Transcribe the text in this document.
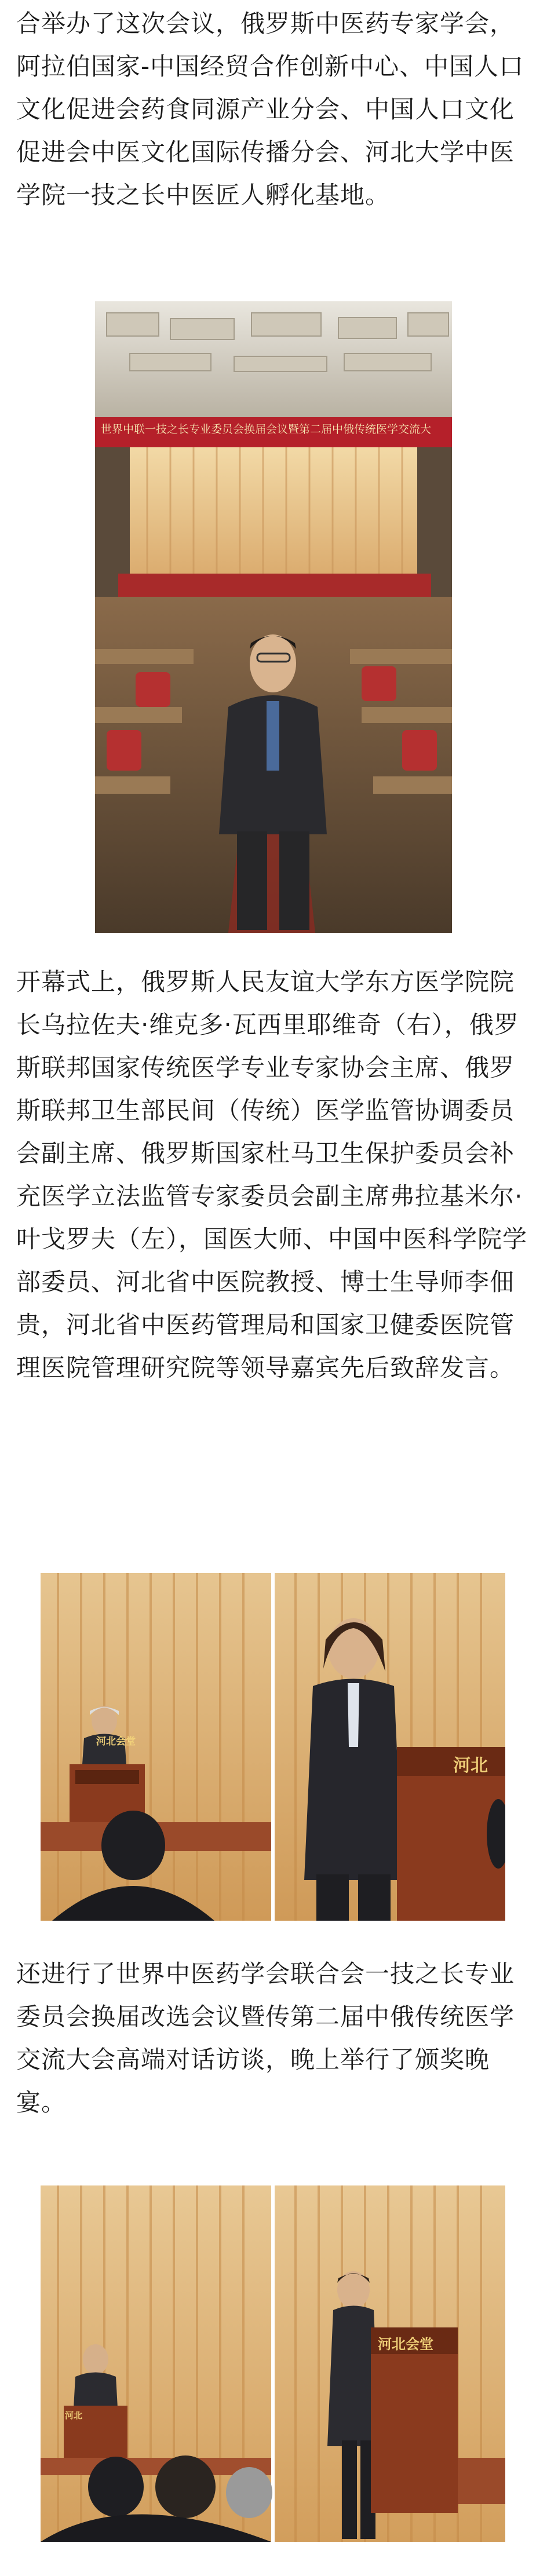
合举办了这次会议，俄罗斯中医药专家学会，阿拉伯国家-中国经贸合作创新中心、中国人口文化促进会药食同源产业分会、中国人口文化促进会中医文化国际传播分会、河北大学中医学院一技之长中医匠人孵化基地。

世界中联一技之长专业委员会换届会议暨第二届中俄传统医学交流大

开幕式上，俄罗斯人民友谊大学东方医学院院长乌拉佐夫·维克多·瓦西里耶维奇（右），俄罗斯联邦国家传统医学专业专家协会主席、俄罗斯联邦卫生部民间（传统）医学监管协调委员会副主席、俄罗斯国家杜马卫生保护委员会补充医学立法监管专家委员会副主席弗拉基米尔·叶戈罗夫（左），国医大师、中国中医科学院学部委员、河北省中医院教授、博士生导师李佃贵，河北省中医药管理局和国家卫健委医院管理医院管理研究院等领导嘉宾先后致辞发言。

河北会堂
河北

还进行了世界中医药学会联合会一技之长专业委员会换届改选会议暨传第二届中俄传统医学交流大会高端对话访谈，晚上举行了颁奖晚宴。

河北
河北会堂
